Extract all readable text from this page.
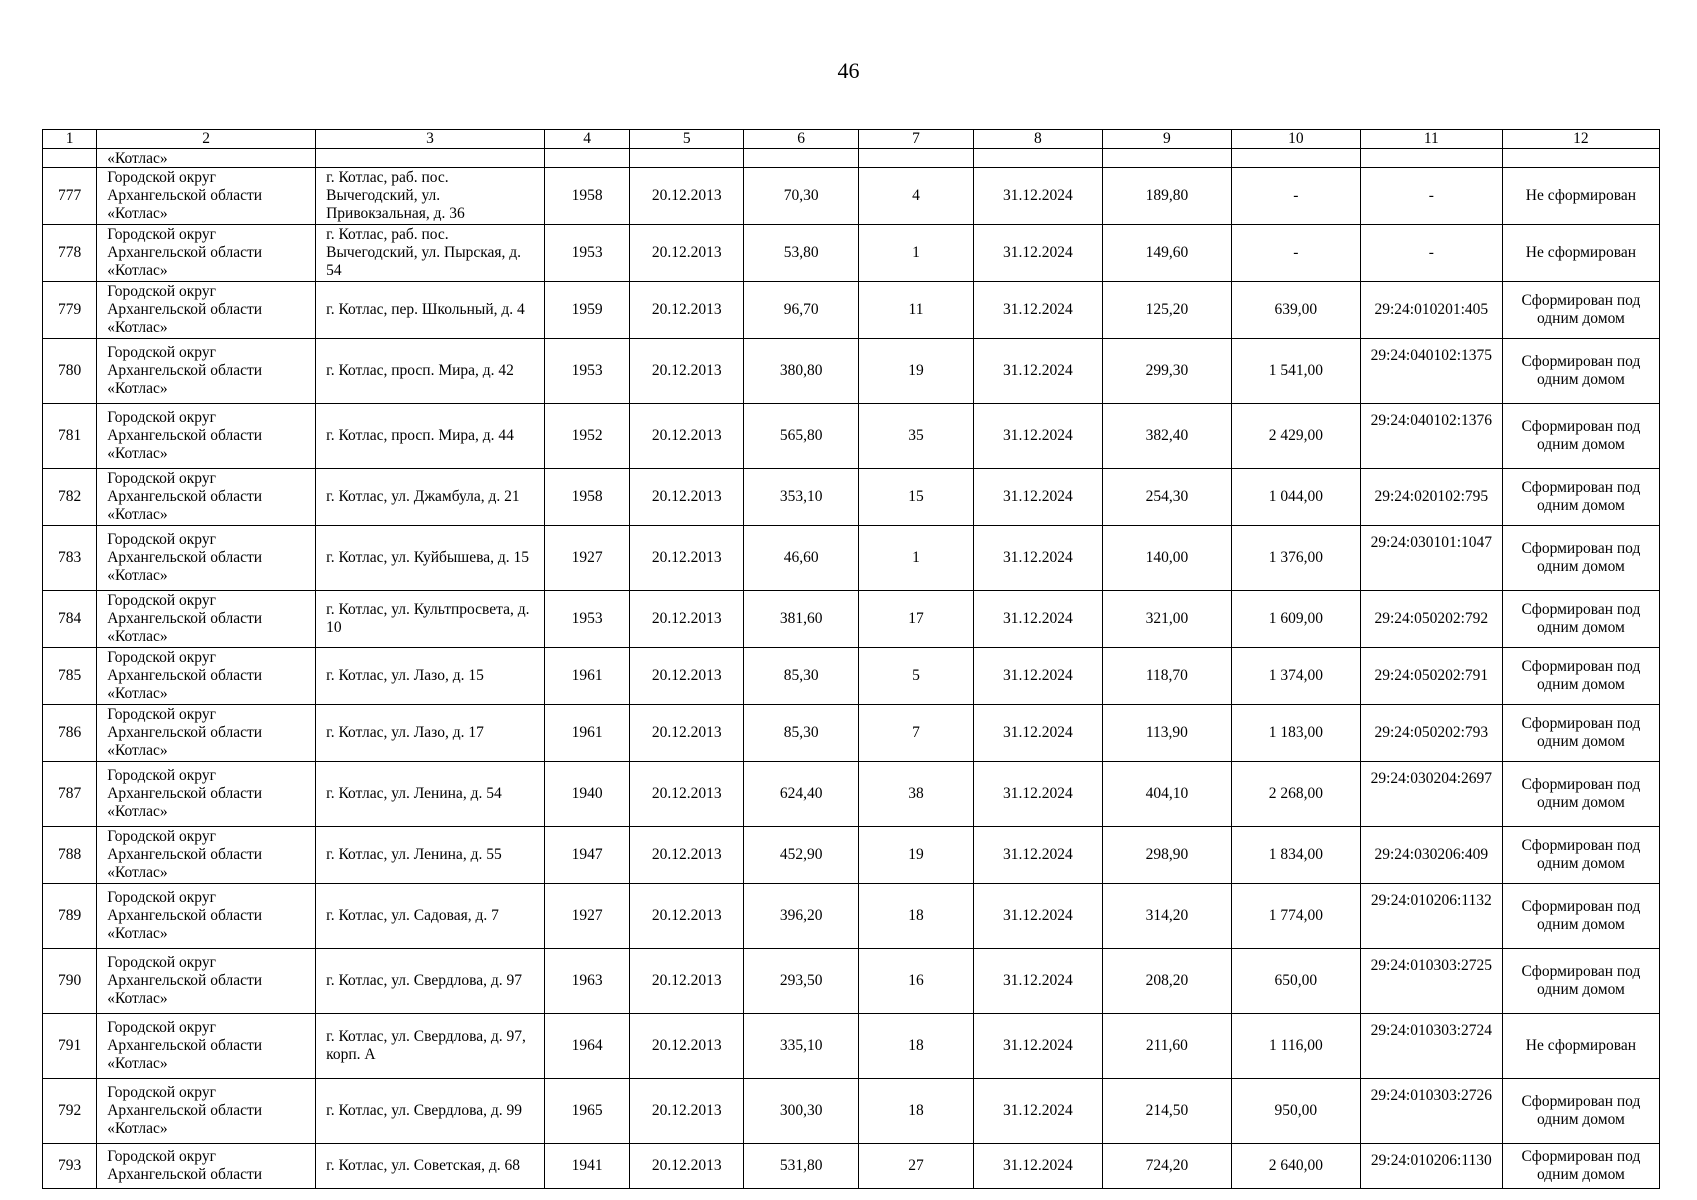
46
1	2	3	4	5	6	7	8	9	10	11	12
	«Котлас»										
777	Городской округ
Архангельской области
«Котлас»	г. Котлас, раб. пос. Вычегодский, ул. Привокзальная, д. 36	1958	20.12.2013	70,30	4	31.12.2024	189,80	-	-	Не сформирован
778	Городской округ
Архангельской области
«Котлас»	г. Котлас, раб. пос. Вычегодский, ул. Пырская, д. 54	1953	20.12.2013	53,80	1	31.12.2024	149,60	-	-	Не сформирован
779	Городской округ
Архангельской области
«Котлас»	г. Котлас, пер. Школьный, д. 4	1959	20.12.2013	96,70	11	31.12.2024	125,20	639,00	29:24:010201:405	Сформирован под одним домом
780	Городской округ
Архангельской области
«Котлас»	г. Котлас, просп. Мира, д. 42	1953	20.12.2013	380,80	19	31.12.2024	299,30	1 541,00	29:24:040102:1375	Сформирован под одним домом
781	Городской округ
Архангельской области
«Котлас»	г. Котлас, просп. Мира, д. 44	1952	20.12.2013	565,80	35	31.12.2024	382,40	2 429,00	29:24:040102:1376	Сформирован под одним домом
782	Городской округ
Архангельской области
«Котлас»	г. Котлас, ул. Джамбула, д. 21	1958	20.12.2013	353,10	15	31.12.2024	254,30	1 044,00	29:24:020102:795	Сформирован под одним домом
783	Городской округ
Архангельской области
«Котлас»	г. Котлас, ул. Куйбышева, д. 15	1927	20.12.2013	46,60	1	31.12.2024	140,00	1 376,00	29:24:030101:1047	Сформирован под одним домом
784	Городской округ
Архангельской области
«Котлас»	г. Котлас, ул. Культпросвета, д. 10	1953	20.12.2013	381,60	17	31.12.2024	321,00	1 609,00	29:24:050202:792	Сформирован под одним домом
785	Городской округ
Архангельской области
«Котлас»	г. Котлас, ул. Лазо, д. 15	1961	20.12.2013	85,30	5	31.12.2024	118,70	1 374,00	29:24:050202:791	Сформирован под одним домом
786	Городской округ
Архангельской области
«Котлас»	г. Котлас, ул. Лазо, д. 17	1961	20.12.2013	85,30	7	31.12.2024	113,90	1 183,00	29:24:050202:793	Сформирован под одним домом
787	Городской округ
Архангельской области
«Котлас»	г. Котлас, ул. Ленина, д. 54	1940	20.12.2013	624,40	38	31.12.2024	404,10	2 268,00	29:24:030204:2697	Сформирован под одним домом
788	Городской округ
Архангельской области
«Котлас»	г. Котлас, ул. Ленина, д. 55	1947	20.12.2013	452,90	19	31.12.2024	298,90	1 834,00	29:24:030206:409	Сформирован под одним домом
789	Городской округ
Архангельской области
«Котлас»	г. Котлас, ул. Садовая, д. 7	1927	20.12.2013	396,20	18	31.12.2024	314,20	1 774,00	29:24:010206:1132	Сформирован под одним домом
790	Городской округ
Архангельской области
«Котлас»	г. Котлас, ул. Свердлова, д. 97	1963	20.12.2013	293,50	16	31.12.2024	208,20	650,00	29:24:010303:2725	Сформирован под одним домом
791	Городской округ
Архангельской области
«Котлас»	г. Котлас, ул. Свердлова, д. 97, корп. А	1964	20.12.2013	335,10	18	31.12.2024	211,60	1 116,00	29:24:010303:2724	Не сформирован
792	Городской округ
Архангельской области
«Котлас»	г. Котлас, ул. Свердлова, д. 99	1965	20.12.2013	300,30	18	31.12.2024	214,50	950,00	29:24:010303:2726	Сформирован под одним домом
793	Городской округ
Архангельской области	г. Котлас, ул. Советская, д. 68	1941	20.12.2013	531,80	27	31.12.2024	724,20	2 640,00	29:24:010206:1130	Сформирован под одним домом
